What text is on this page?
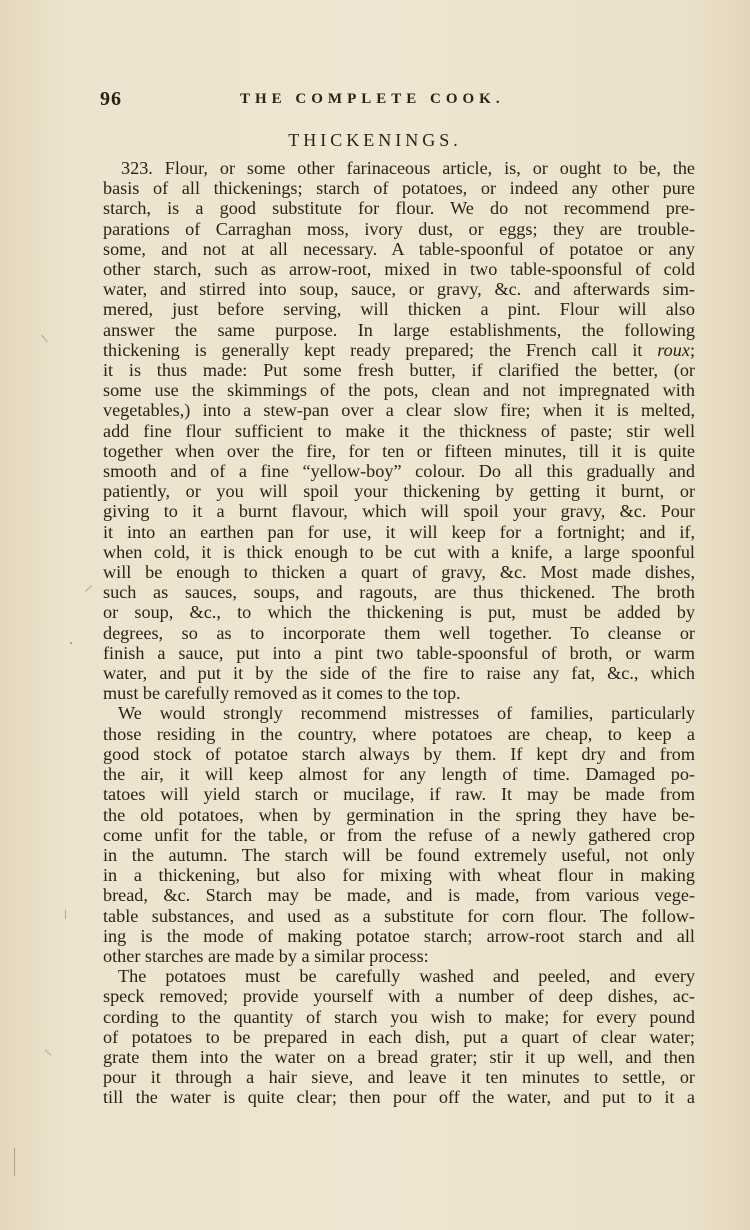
96	THE COMPLETE COOK.
THICKENINGS.
323. Flour, or some other farinaceous article, is, or ought to be, the
basis of all thickenings; starch of potatoes, or indeed any other pure
starch, is a good substitute for flour. We do not recommend pre-
parations of Carraghan moss, ivory dust, or eggs; they are trouble-
some, and not at all necessary. A table-spoonful of potatoe or any
other starch, such as arrow-root, mixed in two table-spoonsful of cold
water, and stirred into soup, sauce, or gravy, &c. and afterwards sim-
mered, just before serving, will thicken a pint. Flour will also
answer the same purpose. In large establishments, the following
thickening is generally kept ready prepared; the French call it roux;
it is thus made: Put some fresh butter, if clarified the better, (or
some use the skimmings of the pots, clean and not impregnated with
vegetables,) into a stew-pan over a clear slow fire; when it is melted,
add fine flour sufficient to make it the thickness of paste; stir well
together when over the fire, for ten or fifteen minutes, till it is quite
smooth and of a fine “yellow-boy” colour. Do all this gradually and
patiently, or you will spoil your thickening by getting it burnt, or
giving to it a burnt flavour, which will spoil your gravy, &c. Pour
it into an earthen pan for use, it will keep for a fortnight; and if,
when cold, it is thick enough to be cut with a knife, a large spoonful
will be enough to thicken a quart of gravy, &c. Most made dishes,
such as sauces, soups, and ragouts, are thus thickened. The broth
or soup, &c., to which the thickening is put, must be added by
degrees, so as to incorporate them well together. To cleanse or
finish a sauce, put into a pint two table-spoonsful of broth, or warm
water, and put it by the side of the fire to raise any fat, &c., which
must be carefully removed as it comes to the top.
We would strongly recommend mistresses of families, particularly
those residing in the country, where potatoes are cheap, to keep a
good stock of potatoe starch always by them. If kept dry and from
the air, it will keep almost for any length of time. Damaged po-
tatoes will yield starch or mucilage, if raw. It may be made from
the old potatoes, when by germination in the spring they have be-
come unfit for the table, or from the refuse of a newly gathered crop
in the autumn. The starch will be found extremely useful, not only
in a thickening, but also for mixing with wheat flour in making
bread, &c. Starch may be made, and is made, from various vege-
table substances, and used as a substitute for corn flour. The follow-
ing is the mode of making potatoe starch; arrow-root starch and all
other starches are made by a similar process:
The potatoes must be carefully washed and peeled, and every
speck removed; provide yourself with a number of deep dishes, ac-
cording to the quantity of starch you wish to make; for every pound
of potatoes to be prepared in each dish, put a quart of clear water;
grate them into the water on a bread grater; stir it up well, and then
pour it through a hair sieve, and leave it ten minutes to settle, or
till the water is quite clear; then pour off the water, and put to it a
